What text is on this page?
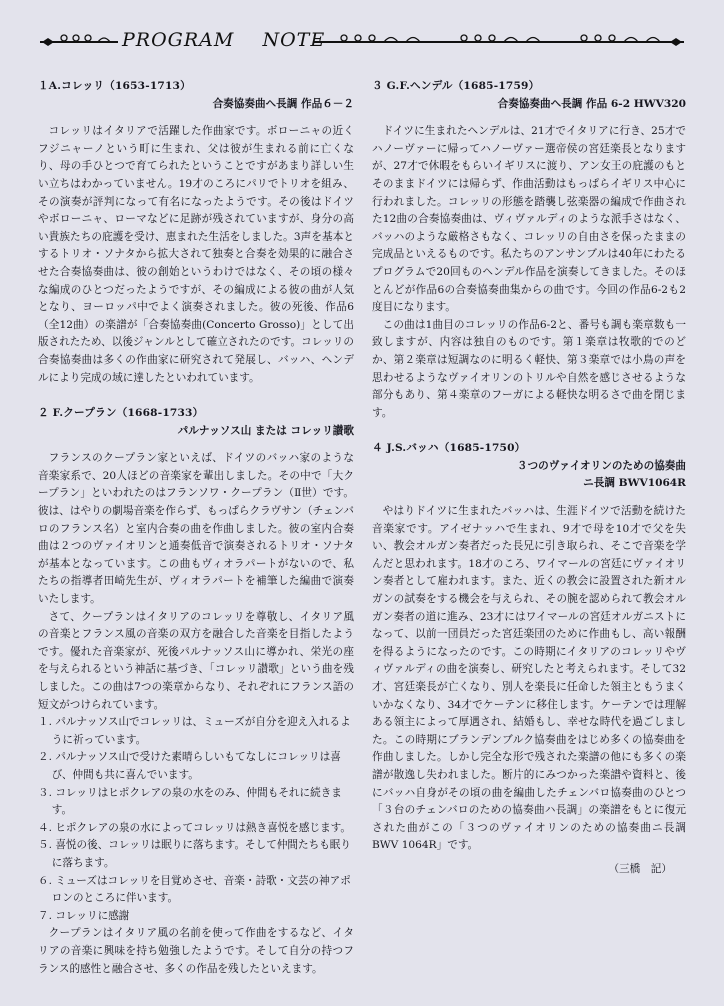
PROGRAM    NOTE

１A.コレッリ（1653-1713）

合奏協奏曲ヘ長調 作品６－２

コレッリはイタリアで活躍した作曲家です。ボローニャの近くフジニャーノという町に生まれ、父は彼が生まれる前に亡くなり、母の手ひとつで育てられたということですがあまり詳しい生い立ちはわかっていません。19才のころにパリでトリオを組み、その演奏が評判になって有名になったようです。その後はドイツやボローニャ、ローマなどに足跡が残されていますが、身分の高い貴族たちの庇護を受け、恵まれた生活をしました。3声を基本とするトリオ・ソナタから拡大されて独奏と合奏を効果的に融合させた合奏協奏曲は、彼の創始というわけではなく、その頃の様々な編成のひとつだったようですが、その編成による彼の曲が人気となり、ヨーロッパ中でよく演奏されました。彼の死後、作品6（全12曲）の楽譜が「合奏協奏曲(Concerto Grosso)」として出版されたため、以後ジャンルとして確立されたのです。コレッリの合奏協奏曲は多くの作曲家に研究されて発展し、バッハ、ヘンデルにより完成の域に達したといわれています。

２ F.クープラン（1668-1733）

パルナッソス山 または コレッリ讃歌

フランスのクープラン家といえば、ドイツのバッハ家のような音楽家系で、20人ほどの音楽家を輩出しました。その中で「大クープラン」といわれたのはフランソワ・クープラン（Ⅱ世）です。彼は、はやりの劇場音楽を作らず、もっぱらクラヴサン（チェンバロのフランス名）と室内合奏の曲を作曲しました。彼の室内合奏曲は２つのヴァイオリンと通奏低音で演奏されるトリオ・ソナタが基本となっています。この曲もヴィオラパートがないので、私たちの指導者田崎先生が、ヴィオラパートを補筆した編曲で演奏いたします。

さて、クープランはイタリアのコレッリを尊敬し、イタリア風の音楽とフランス風の音楽の双方を融合した音楽を目指したようです。優れた音楽家が、死後パルナッソス山に導かれ、栄光の座を与えられるという神話に基づき、「コレッリ讃歌」という曲を残しました。この曲は7つの楽章からなり、それぞれにフランス語の短文がつけられています。

１. パルナッソス山でコレッリは、ミューズが自分を迎え入れるように祈っています。

２. パルナッソス山で受けた素晴らしいもてなしにコレッリは喜び、仲間も共に喜んでいます。

３. コレッリはヒポクレアの泉の水をのみ、仲間もそれに続きます。

４. ヒポクレアの泉の水によってコレッリは熱き喜悦を感じます。

５. 喜悦の後、コレッリは眠りに落ちます。そして仲間たちも眠りに落ちます。

６. ミューズはコレッリを目覚めさせ、音楽・詩歌・文芸の神アポロンのところに伴います。

７. コレッリに感謝

クープランはイタリア風の名前を使って作曲をするなど、イタリアの音楽に興味を持ち勉強したようです。そして自分の持つフランス的感性と融合させ、多くの作品を残したといえます。

３ G.F.ヘンデル（1685-1759）

合奏協奏曲ヘ長調 作品 6-2 HWV320

ドイツに生まれたヘンデルは、21才でイタリアに行き、25才でハノーヴァーに帰ってハノーヴァー選帝侯の宮廷楽長となりますが、27才で休暇をもらいイギリスに渡り、アン女王の庇護のもとそのままドイツには帰らず、作曲活動はもっぱらイギリス中心に行われました。コレッリの形態を踏襲し弦楽器の編成で作曲された12曲の合奏協奏曲は、ヴィヴァルディのような派手さはなく、バッハのような厳格さもなく、コレッリの自由さを保ったままの完成品といえるものです。私たちのアンサンブルは40年にわたるプログラムで20回ものヘンデル作品を演奏してきました。そのほとんどが作品6の合奏協奏曲集からの曲です。今回の作品6-2も2度目になります。

この曲は1曲目のコレッリの作品6-2と、番号も調も楽章数も一致しますが、内容は独自のものです。第１楽章は牧歌的でのどか、第２楽章は短調なのに明るく軽快、第３楽章では小鳥の声を思わせるようなヴァイオリンのトリルや自然を感じさせるような部分もあり、第４楽章のフーガによる軽快な明るさで曲を閉じます。

４ J.S.バッハ（1685-1750）

３つのヴァイオリンのための協奏曲

ニ長調 BWV1064R

やはりドイツに生まれたバッハは、生涯ドイツで活動を続けた音楽家です。アイゼナッハで生まれ、9才で母を10才で父を失い、教会オルガン奏者だった長兄に引き取られ、そこで音楽を学んだと思われます。18才のころ、ワイマールの宮廷にヴァイオリン奏者として雇われます。また、近くの教会に設置された新オルガンの試奏をする機会を与えられ、その腕を認められて教会オルガン奏者の道に進み、23才にはワイマールの宮廷オルガニストになって、以前一団員だった宮廷楽団のために作曲もし、高い報酬を得るようになったのです。この時期にイタリアのコレッリやヴィヴァルディの曲を演奏し、研究したと考えられます。そして32才、宮廷楽長が亡くなり、別人を楽長に任命した領主ともうまくいかなくなり、34才でケーテンに移住します。ケーテンでは理解ある領主によって厚遇され、結婚もし、幸せな時代を過ごしました。この時期にブランデンブルク協奏曲をはじめ多くの協奏曲を作曲しました。しかし完全な形で残された楽譜の他にも多くの楽譜が散逸し失われました。断片的にみつかった楽譜や資料と、後にバッハ自身がその頃の曲を編曲したチェンバロ協奏曲のひとつ「３台のチェンバロのための協奏曲ハ長調」の楽譜をもとに復元された曲がこの「３つのヴァイオリンのための協奏曲ニ長調 BWV 1064R」です。

（三橋　記）
